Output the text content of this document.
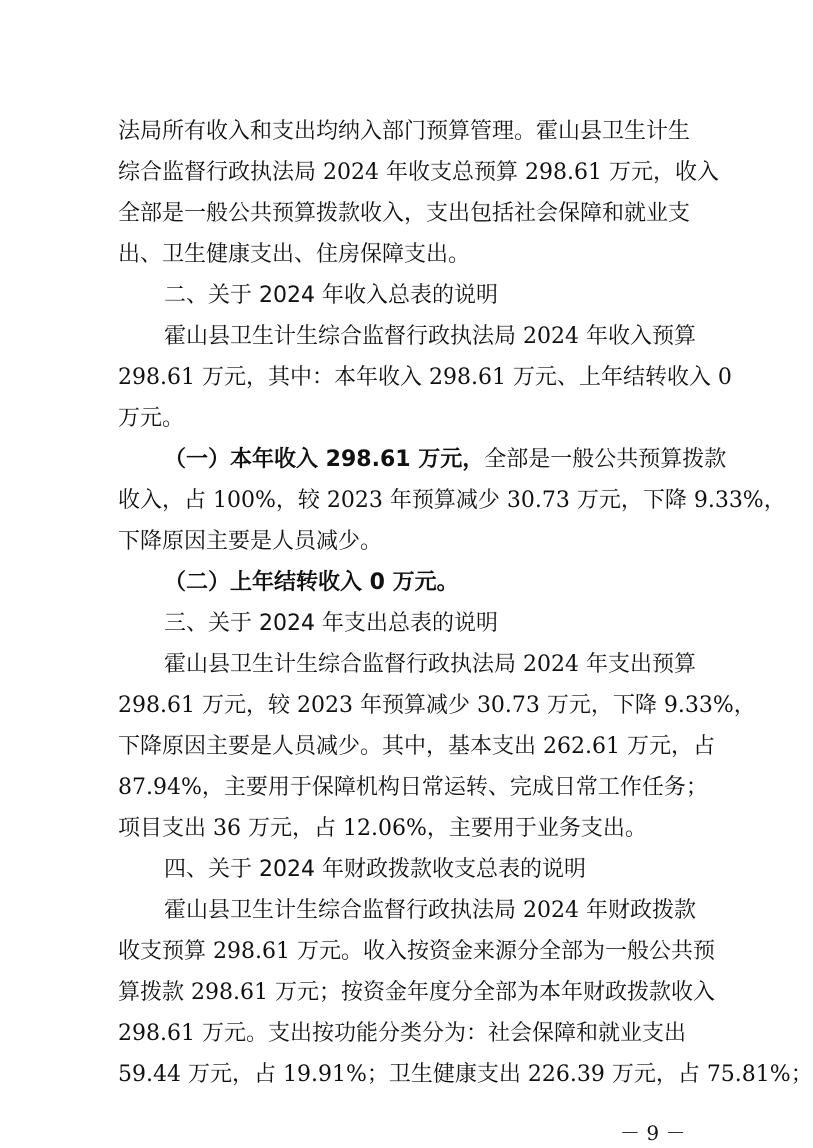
法局所有收入和支出均纳入部门预算管理。霍山县卫生计生
综合监督行政执法局 2024 年收支总预算 298.61 万元，收入
全部是一般公共预算拨款收入，支出包括社会保障和就业支
出、卫生健康支出、住房保障支出。
二、关于 2024 年收入总表的说明
霍山县卫生计生综合监督行政执法局 2024 年收入预算
298.61 万元，其中：本年收入 298.61 万元、上年结转收入 0
万元。
（一）本年收入 298.61 万元，全部是一般公共预算拨款
收入，占 100%，较 2023 年预算减少 30.73 万元，下降 9.33%，
下降原因主要是人员减少。
（二）上年结转收入 0 万元。
三、关于 2024 年支出总表的说明
霍山县卫生计生综合监督行政执法局 2024 年支出预算
298.61 万元，较 2023 年预算减少 30.73 万元，下降 9.33%，
下降原因主要是人员减少。其中，基本支出 262.61 万元，占
87.94%，主要用于保障机构日常运转、完成日常工作任务；
项目支出 36 万元，占 12.06%，主要用于业务支出。
四、关于 2024 年财政拨款收支总表的说明
－ 9 －
霍山县卫生计生综合监督行政执法局 2024 年财政拨款
收支预算 298.61 万元。收入按资金来源分全部为一般公共预
算拨款 298.61 万元；按资金年度分全部为本年财政拨款收入
298.61 万元。支出按功能分类分为：社会保障和就业支出
59.44 万元，占 19.91%；卫生健康支出 226.39 万元，占 75.81%；
